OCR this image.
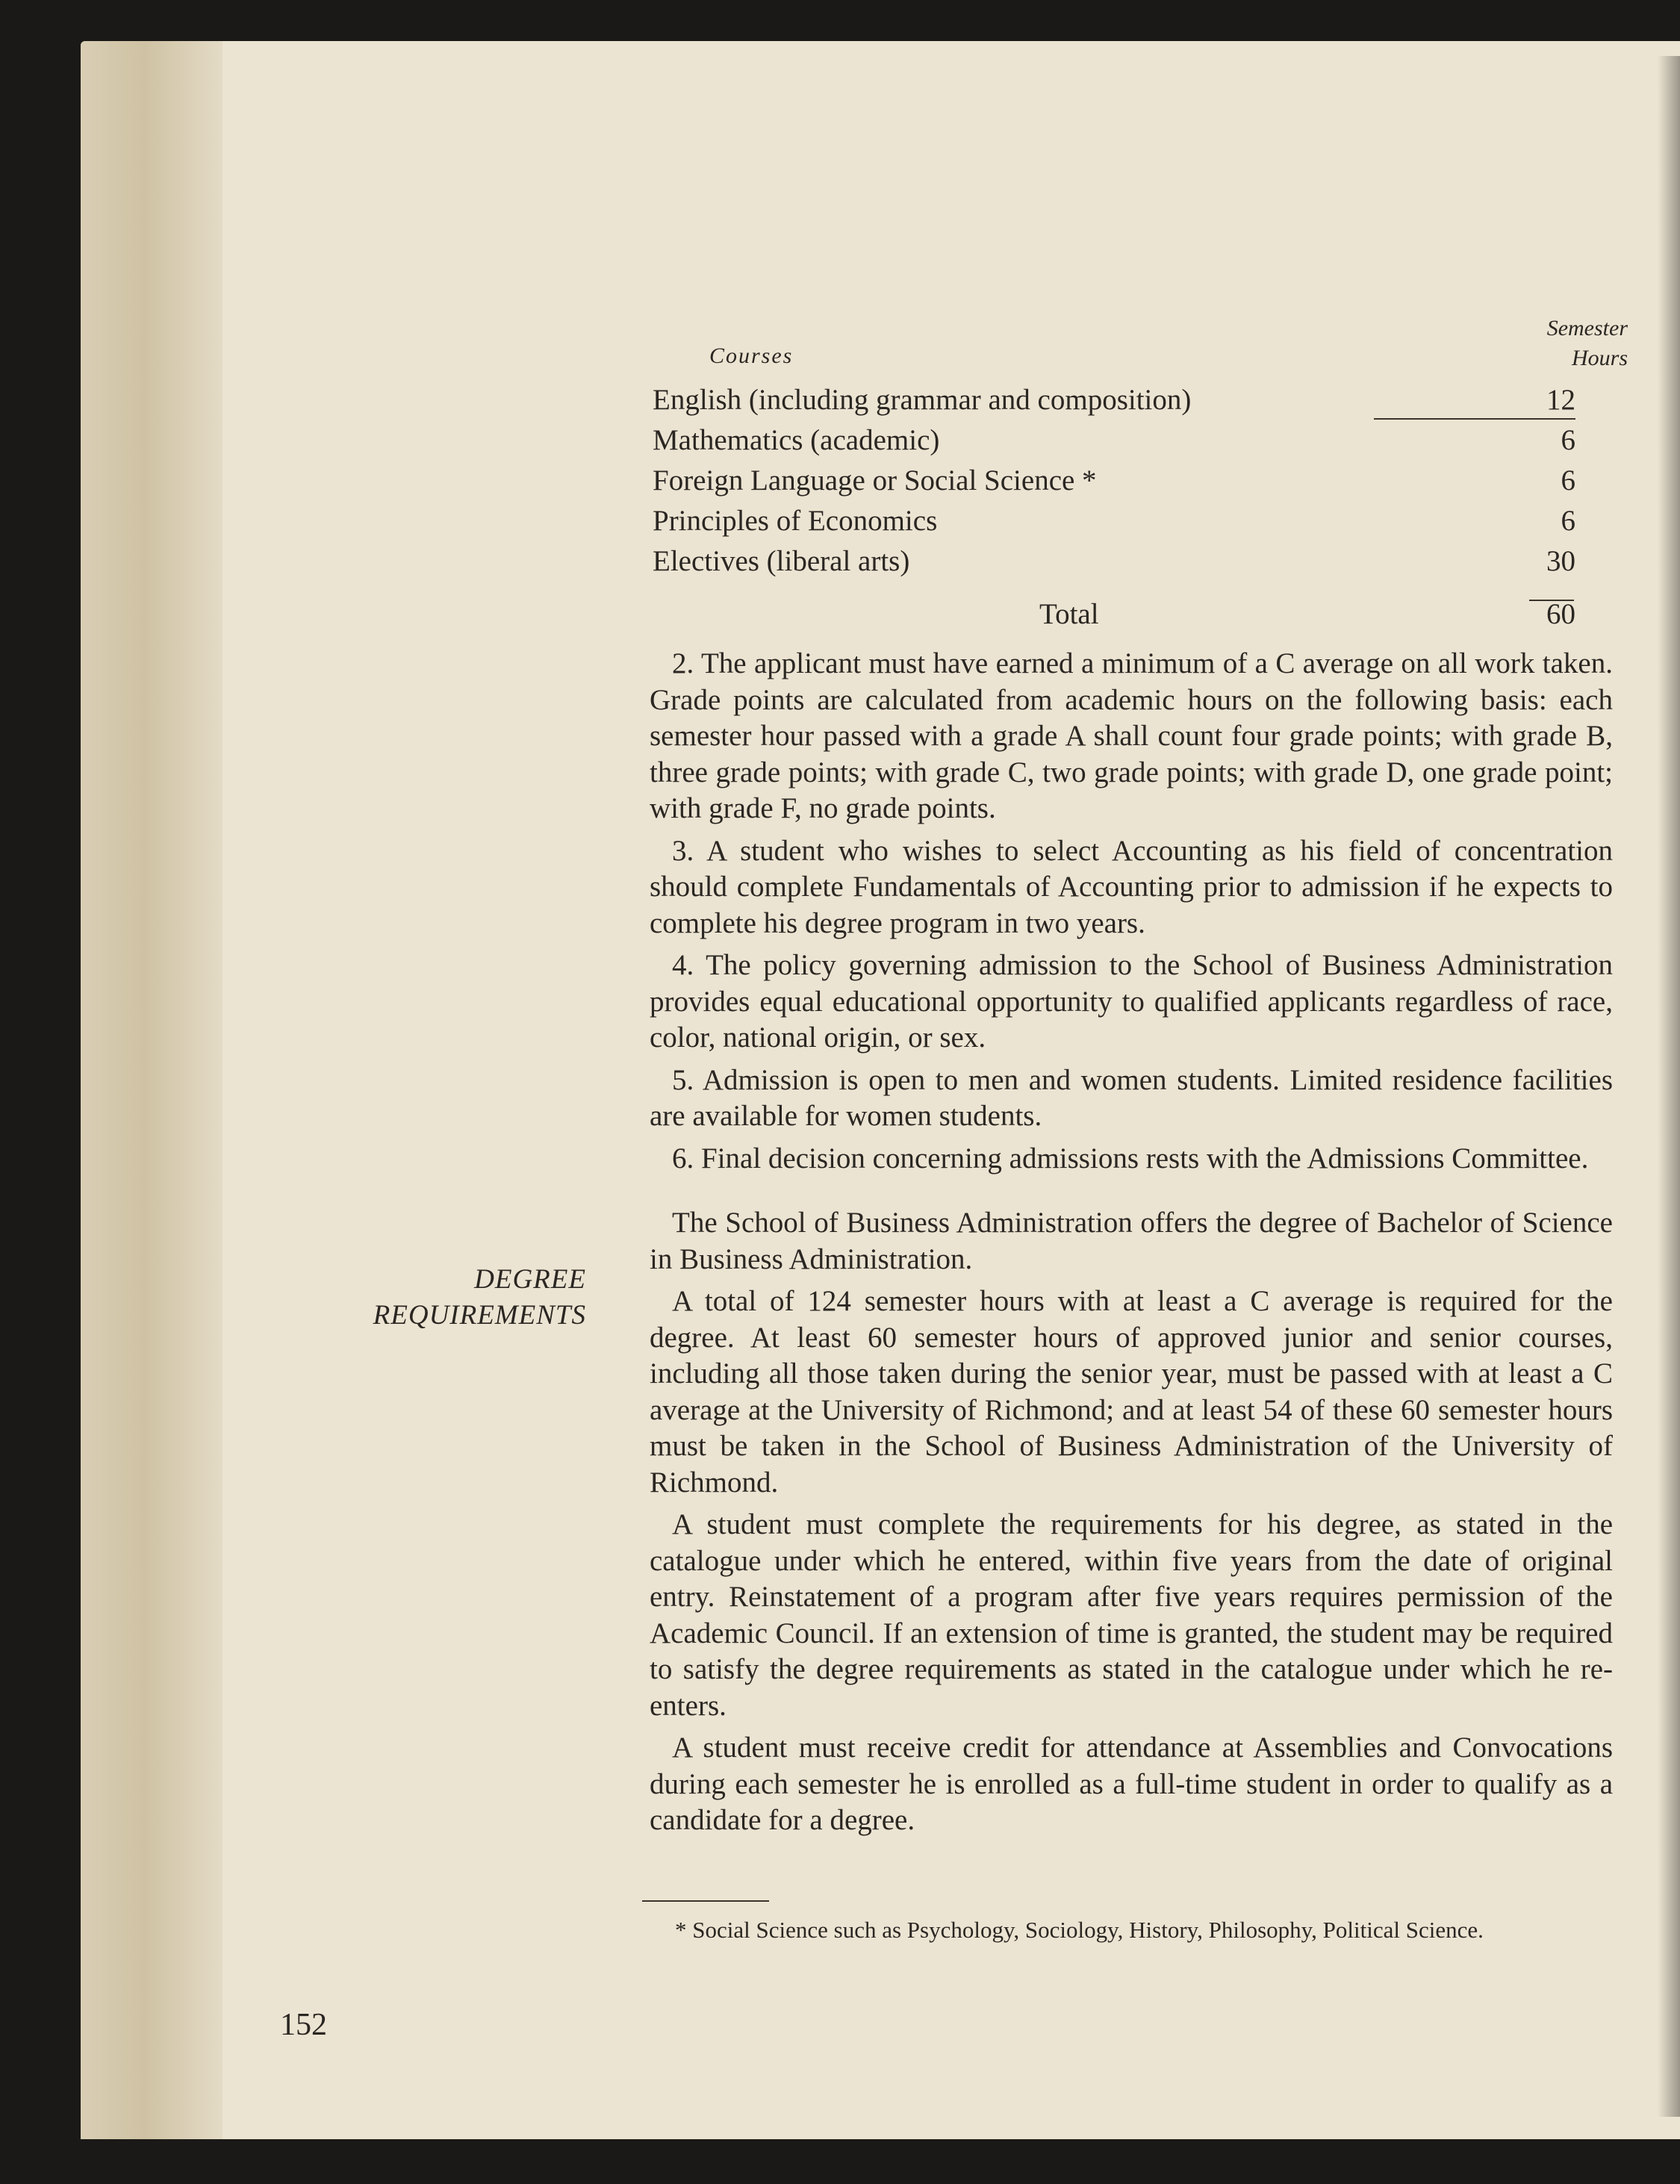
Courses
Semester
Hours
English (including grammar and composition)	12
Mathematics (academic)	6
Foreign Language or Social Science *	6
Principles of Economics	6
Electives (liberal arts)	30
Total	60

2. The applicant must have earned a minimum of a C average on all work taken. Grade points are calculated from academic hours on the following basis: each semester hour passed with a grade A shall count four grade points; with grade B, three grade points; with grade C, two grade points; with grade D, one grade point; with grade F, no grade points.

3. A student who wishes to select Accounting as his field of concentration should complete Fundamentals of Accounting prior to admission if he expects to complete his degree program in two years.

4. The policy governing admission to the School of Business Administration provides equal educational opportunity to qualified applicants regardless of race, color, national origin, or sex.

5. Admission is open to men and women students. Limited residence facilities are available for women students.

6. Final decision concerning admissions rests with the Admissions Committee.

The School of Business Administration offers the degree of Bachelor of Science in Business Administration.

A total of 124 semester hours with at least a C average is required for the degree. At least 60 semester hours of approved junior and senior courses, including all those taken during the senior year, must be passed with at least a C average at the University of Richmond; and at least 54 of these 60 semester hours must be taken in the School of Business Administration of the University of Richmond.

A student must complete the requirements for his degree, as stated in the catalogue under which he entered, within five years from the date of original entry. Reinstatement of a program after five years requires permission of the Academic Council. If an extension of time is granted, the student may be required to satisfy the degree requirements as stated in the catalogue under which he re-enters.

A student must receive credit for attendance at Assemblies and Convocations during each semester he is enrolled as a full-time student in order to qualify as a candidate for a degree.

DEGREE
REQUIREMENTS
* Social Science such as Psychology, Sociology, History, Philosophy, Political Science.
152
